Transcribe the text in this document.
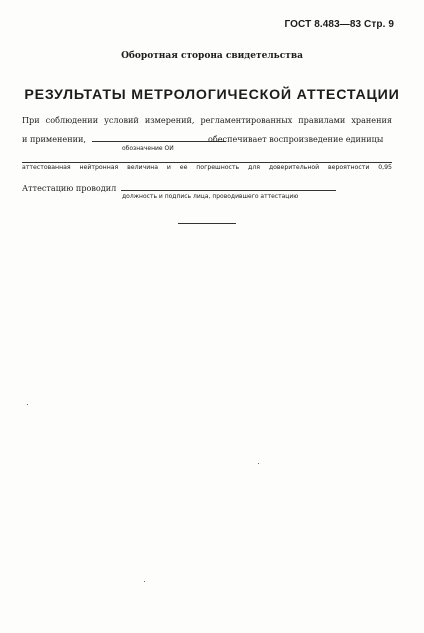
ГОСТ 8.483—83 Стр. 9
Оборотная сторона свидетельства
РЕЗУЛЬТАТЫ МЕТРОЛОГИЧЕСКОЙ АТТЕСТАЦИИ
При соблюдении условий измерений, регламентированных правилами хранения
и применении,
обозначение ОИ
обеспечивает воспроизведение единицы
аттестованная нейтронная величина и ее погрешность для доверительной вероятности 0,95
Аттестацию проводил
должность и подпись лица, проводившего аттестацию
